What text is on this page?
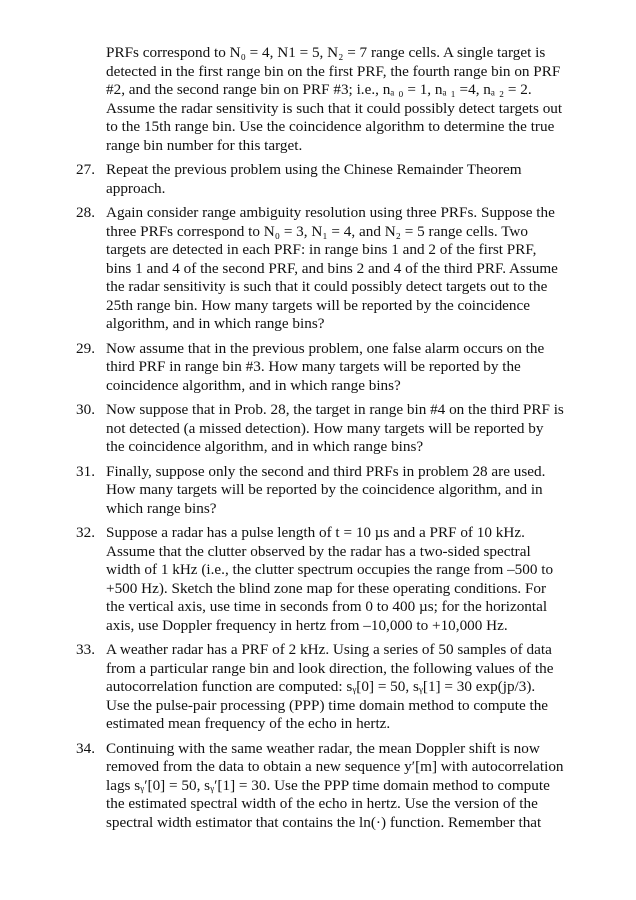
PRFs correspond to N₀ = 4, N1 = 5, N₂ = 7 range cells. A single target is
detected in the first range bin on the first PRF, the fourth range bin on PRF
#2, and the second range bin on PRF #3; i.e., nₐ ₀ = 1, nₐ ₁ =4, nₐ ₂ = 2.
Assume the radar sensitivity is such that it could possibly detect targets out
to the 15th range bin. Use the coincidence algorithm to determine the true
range bin number for this target.
27. Repeat the previous problem using the Chinese Remainder Theorem
approach.
28. Again consider range ambiguity resolution using three PRFs. Suppose the
three PRFs correspond to N₀ = 3, N₁ = 4, and N₂ = 5 range cells. Two
targets are detected in each PRF: in range bins 1 and 2 of the first PRF,
bins 1 and 4 of the second PRF, and bins 2 and 4 of the third PRF. Assume
the radar sensitivity is such that it could possibly detect targets out to the
25th range bin. How many targets will be reported by the coincidence
algorithm, and in which range bins?
29. Now assume that in the previous problem, one false alarm occurs on the
third PRF in range bin #3. How many targets will be reported by the
coincidence algorithm, and in which range bins?
30. Now suppose that in Prob. 28, the target in range bin #4 on the third PRF is
not detected (a missed detection). How many targets will be reported by
the coincidence algorithm, and in which range bins?
31. Finally, suppose only the second and third PRFs in problem 28 are used.
How many targets will be reported by the coincidence algorithm, and in
which range bins?
32. Suppose a radar has a pulse length of t = 10 µs and a PRF of 10 kHz.
Assume that the clutter observed by the radar has a two-sided spectral
width of 1 kHz (i.e., the clutter spectrum occupies the range from –500 to
+500 Hz). Sketch the blind zone map for these operating conditions. For
the vertical axis, use time in seconds from 0 to 400 µs; for the horizontal
axis, use Doppler frequency in hertz from –10,000 to +10,000 Hz.
33. A weather radar has a PRF of 2 kHz. Using a series of 50 samples of data
from a particular range bin and look direction, the following values of the
autocorrelation function are computed: sᵧ[0] = 50, sᵧ[1] = 30 exp(jp/3).
Use the pulse-pair processing (PPP) time domain method to compute the
estimated mean frequency of the echo in hertz.
34. Continuing with the same weather radar, the mean Doppler shift is now
removed from the data to obtain a new sequence y′[m] with autocorrelation
lags sᵧ′[0] = 50, sᵧ′[1] = 30. Use the PPP time domain method to compute
the estimated spectral width of the echo in hertz. Use the version of the
spectral width estimator that contains the ln(·) function. Remember that
